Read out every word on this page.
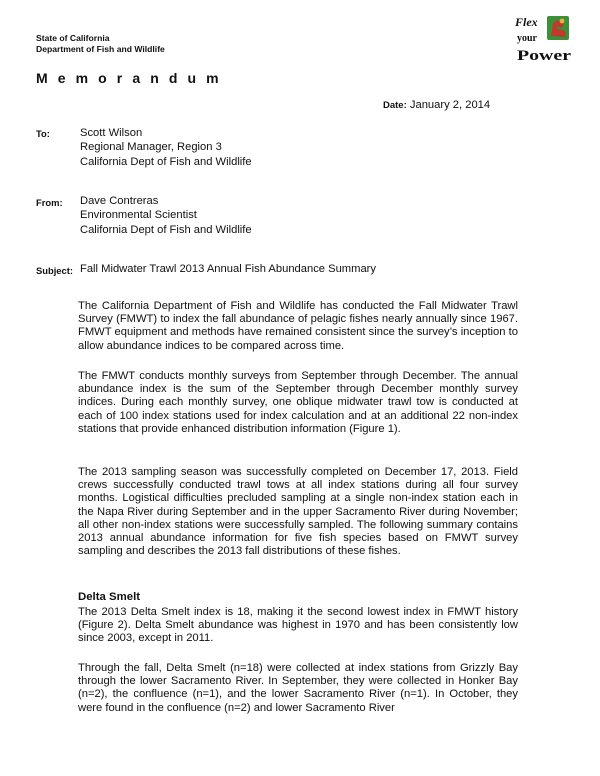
State of California
Department of Fish and Wildlife
Flex
your
Power
M e m o r a n d u m
Date: January 2, 2014
To:	Scott Wilson
Regional Manager, Region 3
California Dept of Fish and Wildlife
From: Dave Contreras
Environmental Scientist
California Dept of Fish and Wildlife
Subject: Fall Midwater Trawl 2013 Annual Fish Abundance Summary
The California Department of Fish and Wildlife has conducted the Fall Midwater Trawl Survey (FMWT) to index the fall abundance of pelagic fishes nearly annually since 1967. FMWT equipment and methods have remained consistent since the survey’s inception to allow abundance indices to be compared across time.
The FMWT conducts monthly surveys from September through December. The annual abundance index is the sum of the September through December monthly survey indices. During each monthly survey, one oblique midwater trawl tow is conducted at each of 100 index stations used for index calculation and at an additional 22 non-index stations that provide enhanced distribution information (Figure 1).
The 2013 sampling season was successfully completed on December 17, 2013. Field crews successfully conducted trawl tows at all index stations during all four survey months. Logistical difficulties precluded sampling at a single non-index station each in the Napa River during September and in the upper Sacramento River during November; all other non-index stations were successfully sampled. The following summary contains 2013 annual abundance information for five fish species based on FMWT survey sampling and describes the 2013 fall distributions of these fishes.
Delta Smelt
The 2013 Delta Smelt index is 18, making it the second lowest index in FMWT history (Figure 2). Delta Smelt abundance was highest in 1970 and has been consistently low since 2003, except in 2011.
Through the fall, Delta Smelt (n=18) were collected at index stations from Grizzly Bay through the lower Sacramento River. In September, they were collected in Honker Bay (n=2), the confluence (n=1), and the lower Sacramento River (n=1). In October, they were found in the confluence (n=2) and lower Sacramento River
